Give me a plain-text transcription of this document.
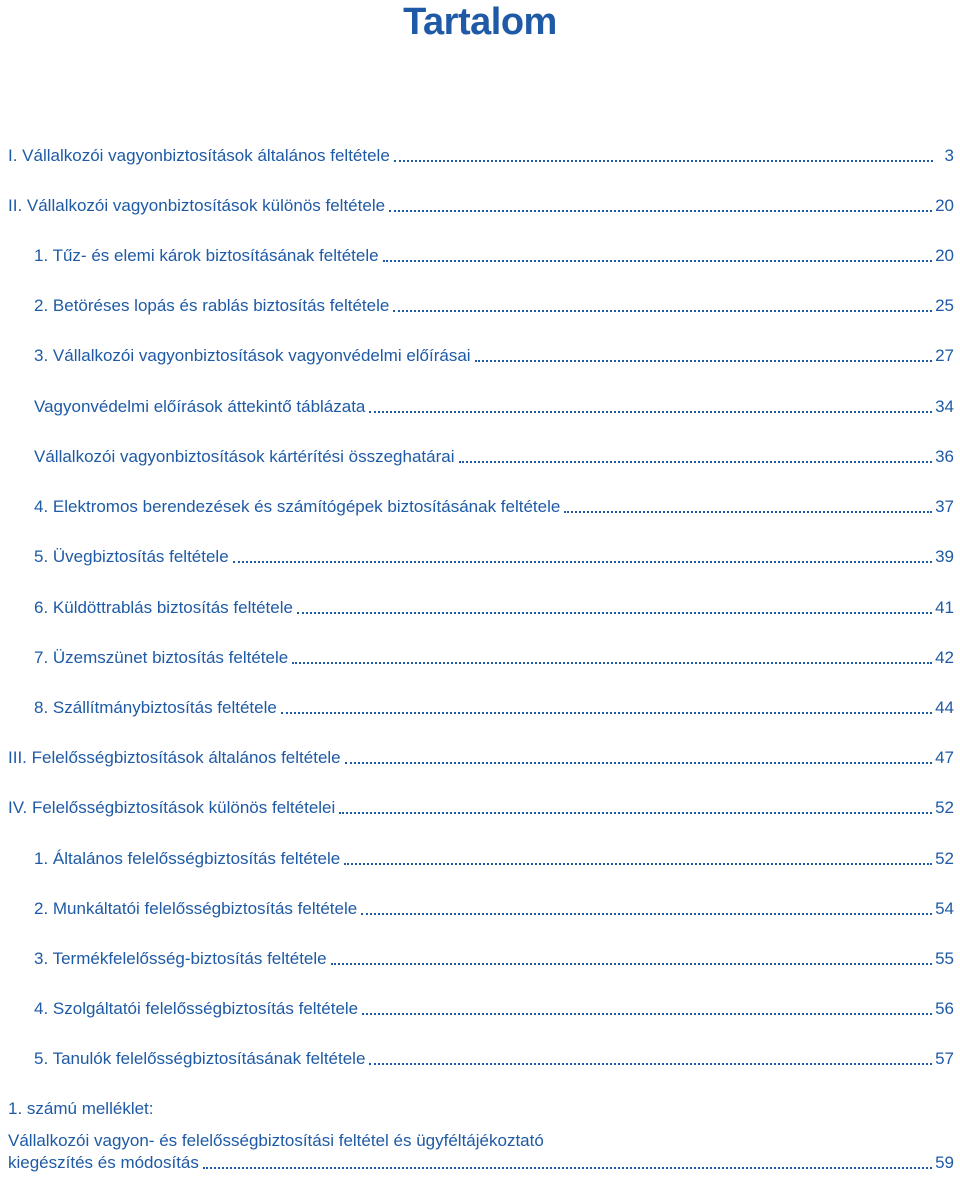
Tartalom
I. Vállalkozói vagyonbiztosítások általános feltétele	3
II. Vállalkozói vagyonbiztosítások különös feltétele	20
1. Tűz- és elemi károk biztosításának feltétele	20
2. Betöréses lopás és rablás biztosítás feltétele	25
3. Vállalkozói vagyonbiztosítások vagyonvédelmi előírásai	27
Vagyonvédelmi előírások áttekintő táblázata	34
Vállalkozói vagyonbiztosítások kártérítési összeghatárai	36
4. Elektromos berendezések és számítógépek biztosításának feltétele	37
5. Üvegbiztosítás feltétele	39
6. Küldöttrablás biztosítás feltétele	41
7. Üzemszünet biztosítás feltétele	42
8. Szállítmánybiztosítás feltétele	44
III. Felelősségbiztosítások általános feltétele	47
IV. Felelősségbiztosítások különös feltételei	52
1. Általános felelősségbiztosítás feltétele	52
2. Munkáltatói felelősségbiztosítás feltétele	54
3. Termékfelelősség-biztosítás feltétele	55
4. Szolgáltatói felelősségbiztosítás feltétele	56
5. Tanulók felelősségbiztosításának feltétele	57
1. számú melléklet:
Vállalkozói vagyon- és felelősségbiztosítási feltétel és ügyféltájékoztató
kiegészítés és módosítás	59
